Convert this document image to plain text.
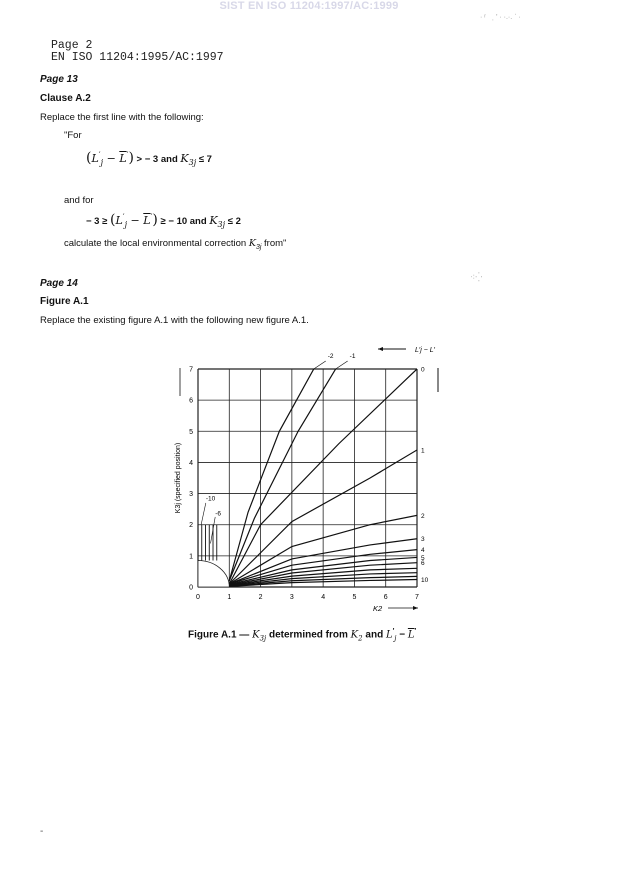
SIST EN ISO 11204:1997/AC:1999
· ʳ   ˌ ' · ·.·. ˈ ·
Page 2
EN ISO 11204:1995/AC:1997
Page 13
Clause A.2
Replace the first line with the following:
"For
$(L'_j - \overline{L}')$ > − 3 and $K_{3j} \le 7$
and for
− $3 \ge (L'_j - \overline{L}')$ ≥ − 10 and $K_{3j} \le 2$
calculate the local environmental correction $K_{3j}$ from"
Page 14
Figure A.1
Replace the existing figure A.1 with the following new figure A.1.
⁖⁛
-2 -1
0
1
2
3
4
5
6
10
-10
-6
0	1	2	3	4	5	6	7
0
1
2
3
4
5
6
7
K3j (specified position)
K2
L′j − L′
Figure A.1 — $K_{3j}$ determined from $K_2$ and $L'_j - \overline{L}'$
-
